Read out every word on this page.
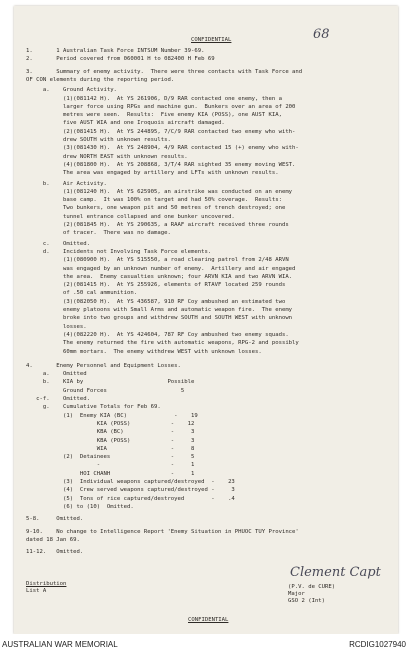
68
CONFIDENTIAL
1.       1 Australian Task Force INTSUM Number 39-69.
2.       Period covered from 060001 H to 082400 H Feb 69
3.       Summary of enemy activity.  There were three contacts with Task Force and
OF CON elements during the reporting period.
a.    Ground Activity.
(1)(081142 H).  At YS 261906, D/9 RAR contacted one enemy, then a
larger force using RPGs and machine gun.  Bunkers over an area of 200
metres were seen.  Results:  Five enemy KIA (POSS), one AUST KIA,
five AUST WIA and one Iroquois aircraft damaged.
(2)(081415 H).  At YS 244895, 7/C/9 RAR contacted two enemy who with-
drew SOUTH with unknown results.
(3)(081430 H).  At YS 248904, 4/9 RAR contacted 15 (+) enemy who with-
drew NORTH EAST with unknown results.
(4)(081800 H).  At YS 208868, 3/T/4 RAR sighted 35 enemy moving WEST.
The area was engaged by artillery and LFTs with unknown results.
b.    Air Activity.
(1)(081240 H).  At YS 625905, an airstrike was conducted on an enemy
base camp.  It was 100% on target and had 50% coverage.  Results:
Two bunkers, one weapon pit and 50 metres of trench destroyed; one
tunnel entrance collapsed and one bunker uncovered.
(2)(081845 H).  At YS 290635, a RAAF aircraft received three rounds
of tracer.  There was no damage.
c.    Omitted.
d.    Incidents not Involving Task Force elements.
(1)(080900 H).  At YS 515550, a road clearing patrol from 2/48 ARVN
was engaged by an unknown number of enemy.  Artillery and air engaged
the area.  Enemy casualties unknown; four ARVN KIA and two ARVN WIA.
(2)(081415 H).  At YS 255926, elements of RTAVF located 259 rounds
of .50 cal ammunition.
(3)(082050 H).  At YS 436587, 910 RF Coy ambushed an estimated two
enemy platoons with Small Arms and automatic weapon fire.  The enemy
broke into two groups and withdrew SOUTH and SOUTH WEST with unknown
losses.
(4)(082220 H).  At YS 424604, 787 RF Coy ambushed two enemy squads.
The enemy returned the fire with automatic weapons, RPG-2 and possibly
60mm mortars.  The enemy withdrew WEST with unknown losses.
4.       Enemy Personnel and Equipment Losses.
a.    Omitted
b.    KIA by                         Possible
Ground Forces                      5
c-f.    Omitted.
g.    Cumulative Totals for Feb 69.
(1)  Enemy KIA (BC)              -    19
KIA (POSS)            -    12
KBA (BC)              -     3
KBA (POSS)            -     3
WIA                   -     8
(2)  Detainees                  -     5
-                     -     1
HOI CHANH                  -     1
(3)  Individual weapons captured/destroyed  -    23
(4)  Crew served weapons captured/destroyed -     3
(5)  Tons of rice captured/destroyed        -    .4
(6) to (10)  Omitted.
5-8.     Omitted.
9-10.    No change to Intelligence Report 'Enemy Situation in PHUOC TUY Province'
dated 18 Jan 69.
11-12.   Omitted.
Distribution
List A
Clement Capt
(P.V. de CURE)
Major
GSO 2 (Int)
CONFIDENTIAL
AUSTRALIAN WAR MEMORIAL	RCDIG1027940
